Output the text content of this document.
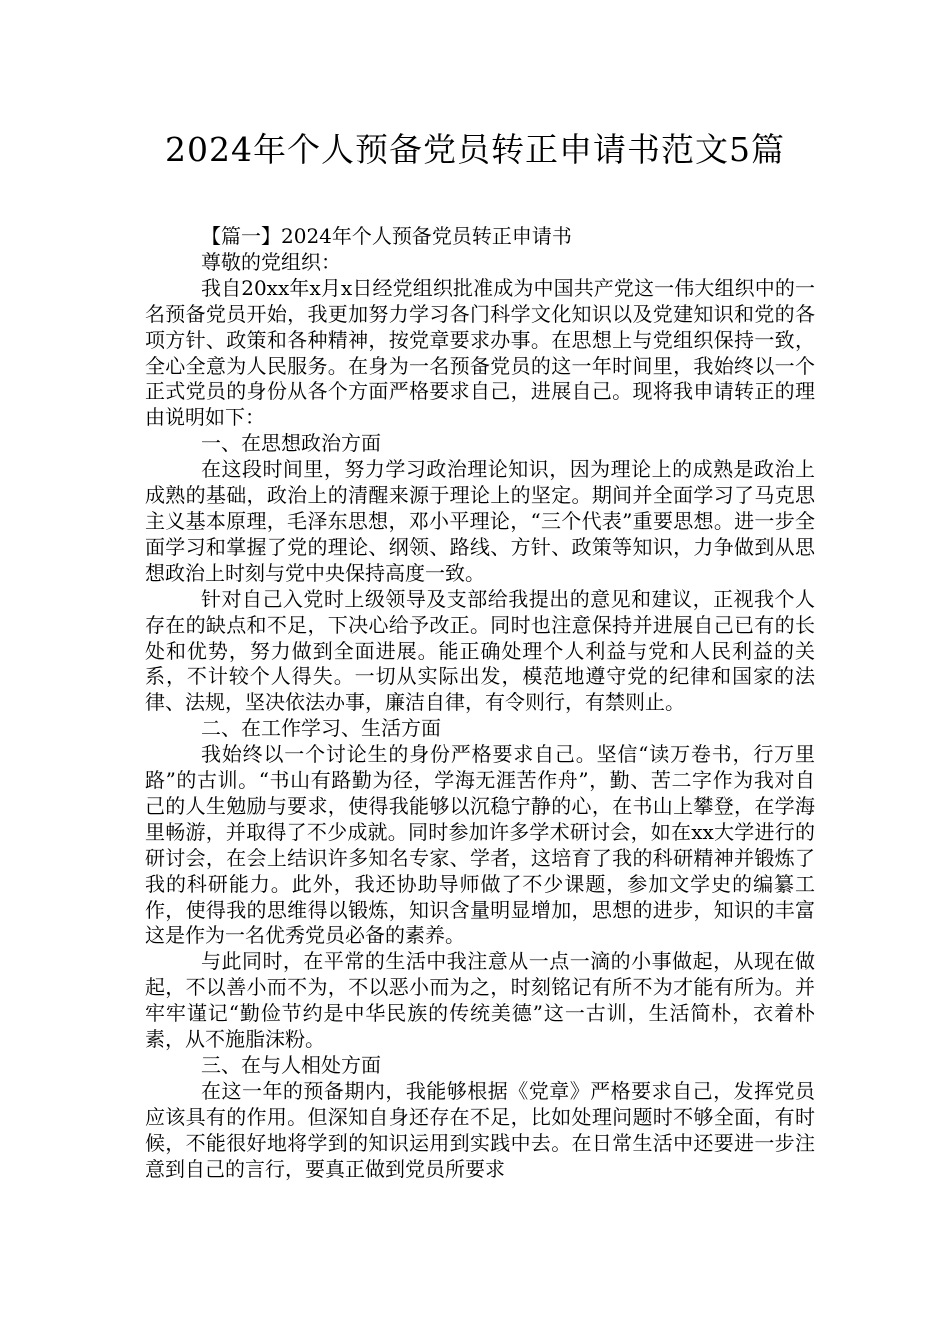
2024年个人预备党员转正申请书范文5篇

【篇一】2024年个人预备党员转正申请书

尊敬的党组织：

我自20xx年x月x日经党组织批准成为中国共产党这一伟大组织中的一名预备党员开始，我更加努力学习各门科学文化知识以及党建知识和党的各项方针、政策和各种精神，按党章要求办事。在思想上与党组织保持一致，全心全意为人民服务。在身为一名预备党员的这一年时间里，我始终以一个正式党员的身份从各个方面严格要求自己，进展自己。现将我申请转正的理由说明如下：

一、在思想政治方面

在这段时间里，努力学习政治理论知识，因为理论上的成熟是政治上成熟的基础，政治上的清醒来源于理论上的坚定。期间并全面学习了马克思主义基本原理，毛泽东思想，邓小平理论，“三个代表”重要思想。进一步全面学习和掌握了党的理论、纲领、路线、方针、政策等知识，力争做到从思想政治上时刻与党中央保持高度一致。

针对自己入党时上级领导及支部给我提出的意见和建议，正视我个人存在的缺点和不足，下决心给予改正。同时也注意保持并进展自己已有的长处和优势，努力做到全面进展。能正确处理个人利益与党和人民利益的关系，不计较个人得失。一切从实际出发，模范地遵守党的纪律和国家的法律、法规，坚决依法办事，廉洁自律，有令则行，有禁则止。

二、在工作学习、生活方面

我始终以一个讨论生的身份严格要求自己。坚信“读万卷书，行万里路”的古训。“书山有路勤为径，学海无涯苦作舟”，勤、苦二字作为我对自己的人生勉励与要求，使得我能够以沉稳宁静的心，在书山上攀登，在学海里畅游，并取得了不少成就。同时参加许多学术研讨会，如在xx大学进行的研讨会，在会上结识许多知名专家、学者，这培育了我的科研精神并锻炼了我的科研能力。此外，我还协助导师做了不少课题，参加文学史的编纂工作，使得我的思维得以锻炼，知识含量明显增加，思想的进步，知识的丰富这是作为一名优秀党员必备的素养。

与此同时，在平常的生活中我注意从一点一滴的小事做起，从现在做起，不以善小而不为，不以恶小而为之，时刻铭记有所不为才能有所为。并牢牢谨记“勤俭节约是中华民族的传统美德”这一古训，生活简朴，衣着朴素，从不施脂沫粉。

三、在与人相处方面

在这一年的预备期内，我能够根据《党章》严格要求自己，发挥党员应该具有的作用。但深知自身还存在不足，比如处理问题时不够全面，有时候，不能很好地将学到的知识运用到实践中去。在日常生活中还要进一步注意到自己的言行，要真正做到党员所要求
